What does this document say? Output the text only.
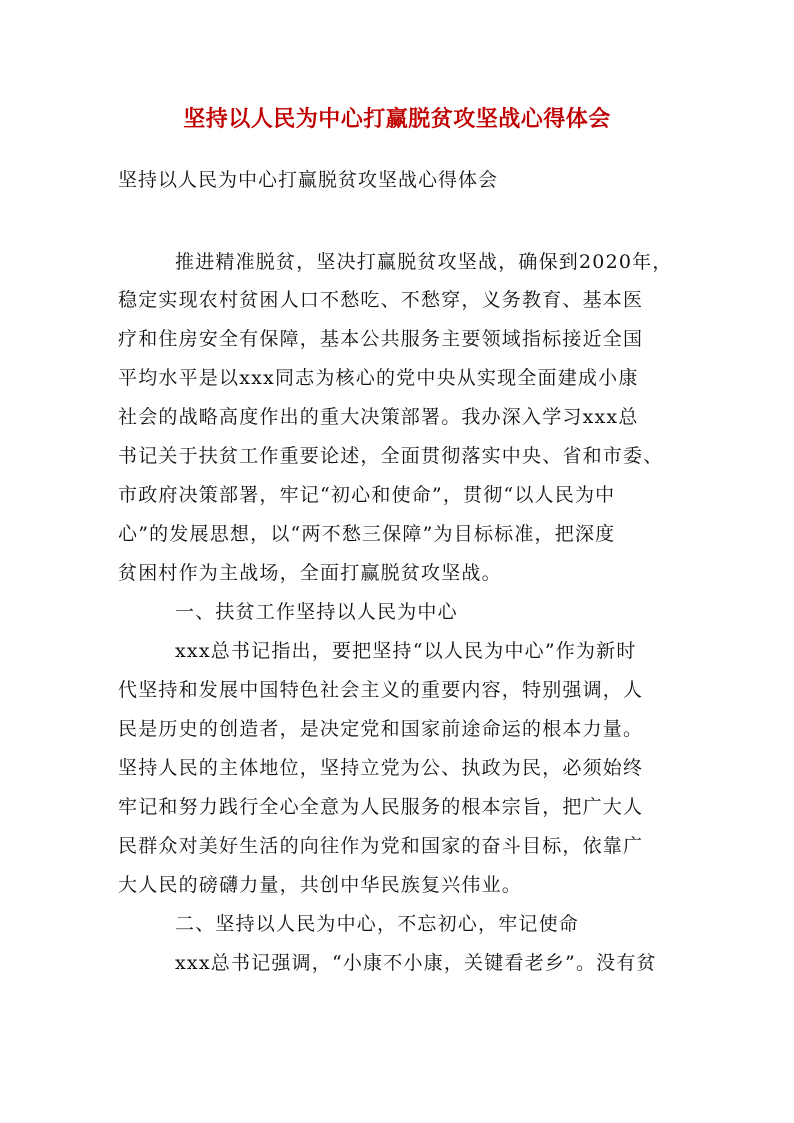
坚持以人民为中心打赢脱贫攻坚战心得体会

坚持以人民为中心打赢脱贫攻坚战心得体会

推进精准脱贫，坚决打赢脱贫攻坚战，确保到2020年，

稳定实现农村贫困人口不愁吃、不愁穿，义务教育、基本医

疗和住房安全有保障，基本公共服务主要领域指标接近全国

平均水平是以xxx同志为核心的党中央从实现全面建成小康

社会的战略高度作出的重大决策部署。我办深入学习xxx总

书记关于扶贫工作重要论述，全面贯彻落实中央、省和市委、

市政府决策部署，牢记“初心和使命”，贯彻“以人民为中

心”的发展思想，以“两不愁三保障”为目标标准，把深度

贫困村作为主战场，全面打赢脱贫攻坚战。

一、扶贫工作坚持以人民为中心

xxx总书记指出，要把坚持“以人民为中心”作为新时

代坚持和发展中国特色社会主义的重要内容，特别强调，人

民是历史的创造者，是决定党和国家前途命运的根本力量。

坚持人民的主体地位，坚持立党为公、执政为民，必须始终

牢记和努力践行全心全意为人民服务的根本宗旨，把广大人

民群众对美好生活的向往作为党和国家的奋斗目标，依靠广

大人民的磅礴力量，共创中华民族复兴伟业。

二、坚持以人民为中心，不忘初心，牢记使命

xxx总书记强调，“小康不小康，关键看老乡”。没有贫
